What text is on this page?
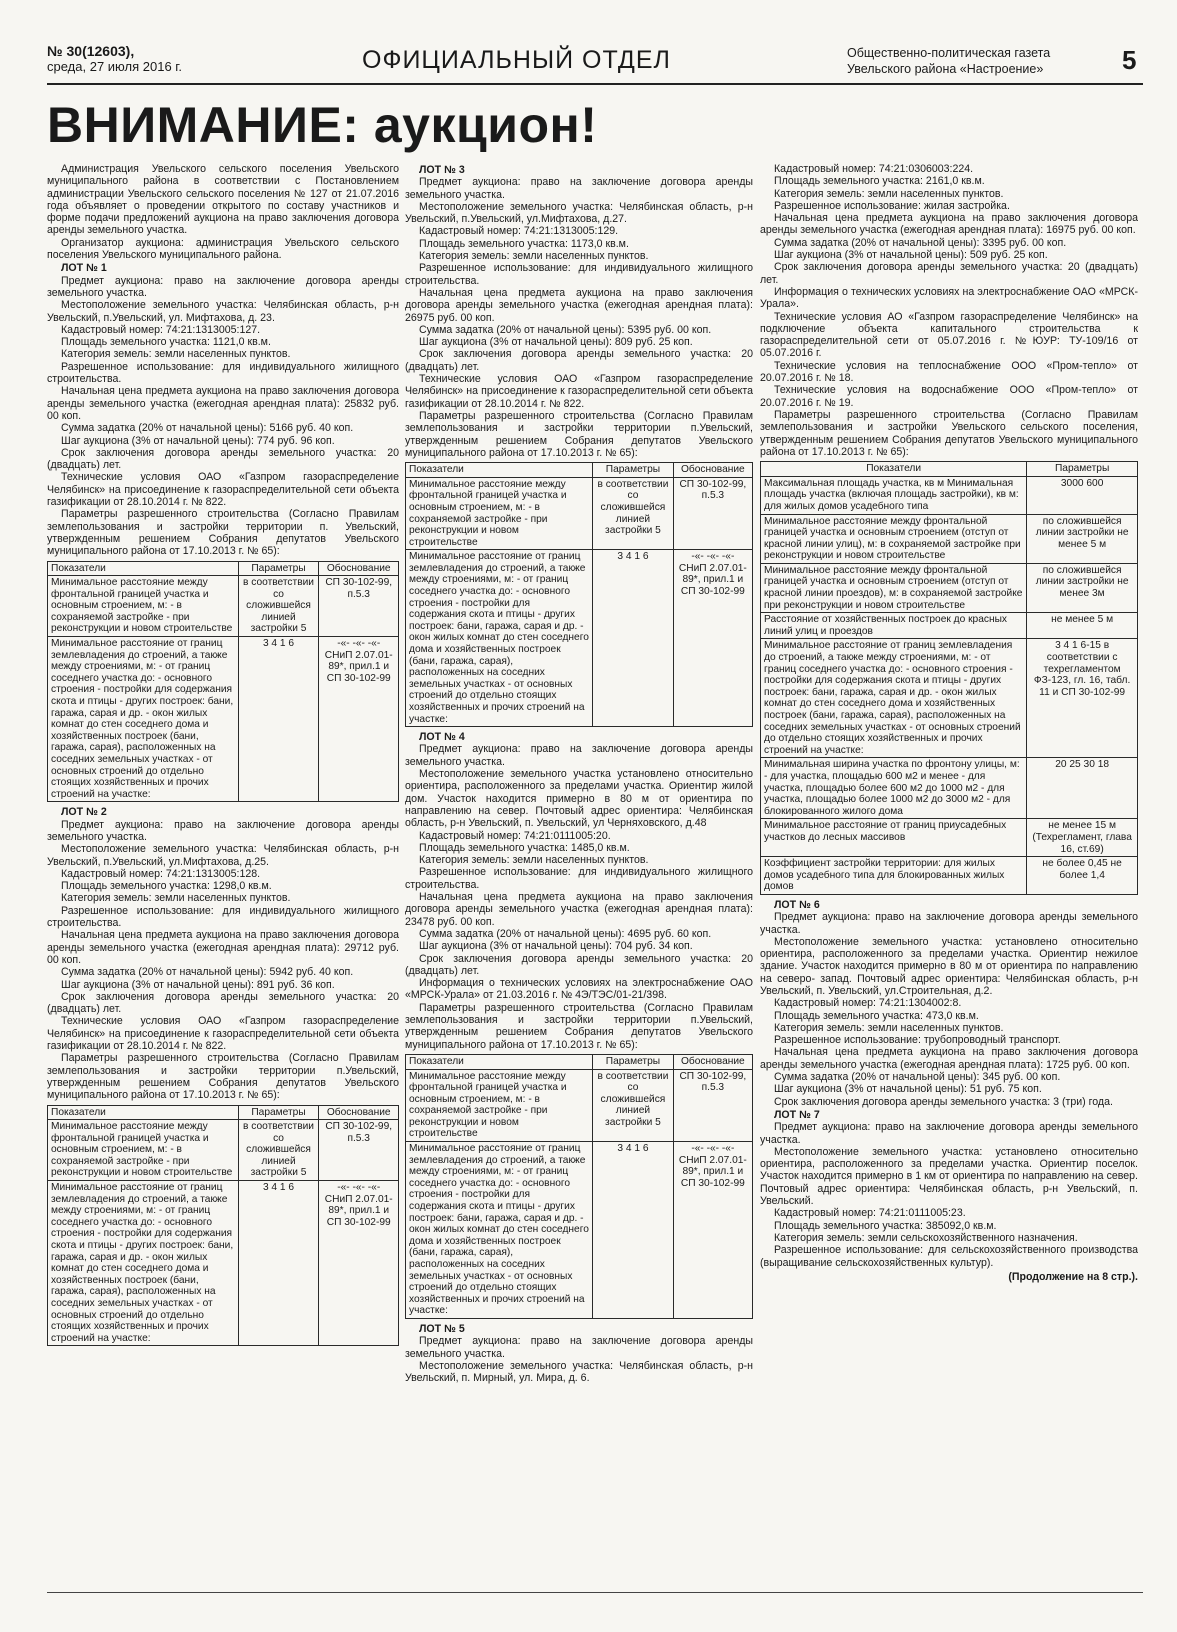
№ 30(12603),
среда, 27 июля 2016 г.	ОФИЦИАЛЬНЫЙ ОТДЕЛ	Общественно-политическая газета
Увельского района «Настроение»	5
ВНИМАНИЕ: аукцион!

Администрация Увельского сельского поселения Увельского муниципального района в соответствии с Постановлением администрации Увельского сельского поселения № 127 от 21.07.2016 года объявляет о проведении открытого по составу участников и форме подачи предложений аукциона на право заключения договора аренды земельного участка.

Организатор аукциона: администрация Увельского сельского поселения Увельского муниципального района.

ЛОТ № 1

Предмет аукциона: право на заключение договора аренды земельного участка.

Местоположение земельного участка: Челябинская область, р-н Увельский, п.Увельский, ул. Мифтахова, д. 23.

Кадастровый номер: 74:21:1313005:127.

Площадь земельного участка: 1121,0 кв.м.

Категория земель: земли населенных пунктов.

Разрешенное использование: для индивидуального жилищного строительства.

Начальная цена предмета аукциона на право заключения договора аренды земельного участка (ежегодная арендная плата): 25832 руб. 00 коп.

Сумма задатка (20% от начальной цены): 5166 руб. 40 коп.

Шаг аукциона (3% от начальной цены): 774 руб. 96 коп.

Срок заключения договора аренды земельного участка: 20 (двадцать) лет.

Технические условия ОАО «Газпром газораспределение Челябинск» на присоединение к газораспределительной сети объекта газификации от 28.10.2014 г. № 822.

Параметры разрешенного строительства (Согласно Правилам землепользования и застройки территории п. Увельский, утвержденным решением Собрания депутатов Увельского муниципального района от 17.10.2013 г. № 65):

Показатели	Параметры	Обоснование
Минимальное расстояние между фронтальной границей участка и основным строением, м: - в сохраняемой застройке - при реконструкции и новом строительстве	в соответствии со сложившейся линией застройки 5	СП 30-102-99, п.5.3
Минимальное расстояние от границ землевладения до строений, а также между строениями, м: - от границ соседнего участка до: - основного строения - постройки для содержания скота и птицы - других построек: бани, гаража, сарая и др. - окон жилых комнат до стен соседнего дома и хозяйственных построек (бани, гаража, сарая), расположенных на соседних земельных участках - от основных строений до отдельно стоящих хозяйственных и прочих строений на участке:	3 4 1 6	-«- -«- -«- СНиП 2.07.01-89*, прил.1 и СП 30-102-99

ЛОТ № 2

Предмет аукциона: право на заключение договора аренды земельного участка.

Местоположение земельного участка: Челябинская область, р-н Увельский, п.Увельский, ул.Мифтахова, д.25.

Кадастровый номер: 74:21:1313005:128.

Площадь земельного участка: 1298,0 кв.м.

Категория земель: земли населенных пунктов.

Разрешенное использование: для индивидуального жилищного строительства.

Начальная цена предмета аукциона на право заключения договора аренды земельного участка (ежегодная арендная плата): 29712 руб. 00 коп.

Сумма задатка (20% от начальной цены): 5942 руб. 40 коп.

Шаг аукциона (3% от начальной цены): 891 руб. 36 коп.

Срок заключения договора аренды земельного участка: 20 (двадцать) лет.

Технические условия ОАО «Газпром газораспределение Челябинск» на присоединение к газораспределительной сети объекта газификации от 28.10.2014 г. № 822.

Параметры разрешенного строительства (Согласно Правилам землепользования и застройки территории п.Увельский, утвержденным решением Собрания депутатов Увельского муниципального района от 17.10.2013 г. № 65):

Показатели	Параметры	Обоснование
Минимальное расстояние между фронтальной границей участка и основным строением, м: - в сохраняемой застройке - при реконструкции и новом строительстве	в соответствии со сложившейся линией застройки 5	СП 30-102-99, п.5.3
Минимальное расстояние от границ землевладения до строений, а также между строениями, м: - от границ соседнего участка до: - основного строения - постройки для содержания скота и птицы - других построек: бани, гаража, сарая и др. - окон жилых комнат до стен соседнего дома и хозяйственных построек (бани, гаража, сарая), расположенных на соседних земельных участках - от основных строений до отдельно стоящих хозяйственных и прочих строений на участке:	3 4 1 6	-«- -«- -«- СНиП 2.07.01-89*, прил.1 и СП 30-102-99

ЛОТ № 3

Предмет аукциона: право на заключение договора аренды земельного участка.

Местоположение земельного участка: Челябинская область, р-н Увельский, п.Увельский, ул.Мифтахова, д.27.

Кадастровый номер: 74:21:1313005:129.

Площадь земельного участка: 1173,0 кв.м.

Категория земель: земли населенных пунктов.

Разрешенное использование: для индивидуального жилищного строительства.

Начальная цена предмета аукциона на право заключения договора аренды земельного участка (ежегодная арендная плата): 26975 руб. 00 коп.

Сумма задатка (20% от начальной цены): 5395 руб. 00 коп.

Шаг аукциона (3% от начальной цены): 809 руб. 25 коп.

Срок заключения договора аренды земельного участка: 20 (двадцать) лет.

Технические условия ОАО «Газпром газораспределение Челябинск» на присоединение к газораспределительной сети объекта газификации от 28.10.2014 г. № 822.

Параметры разрешенного строительства (Согласно Правилам землепользования и застройки территории п.Увельский, утвержденным решением Собрания депутатов Увельского муниципального района от 17.10.2013 г. № 65):

Показатели	Параметры	Обоснование
Минимальное расстояние между фронтальной границей участка и основным строением, м: - в сохраняемой застройке - при реконструкции и новом строительстве	в соответствии со сложившейся линией застройки 5	СП 30-102-99, п.5.3
Минимальное расстояние от границ землевладения до строений, а также между строениями, м: - от границ соседнего участка до: - основного строения - постройки для содержания скота и птицы - других построек: бани, гаража, сарая и др. - окон жилых комнат до стен соседнего дома и хозяйственных построек (бани, гаража, сарая), расположенных на соседних земельных участках - от основных строений до отдельно стоящих хозяйственных и прочих строений на участке:	3 4 1 6	-«- -«- -«- СНиП 2.07.01-89*, прил.1 и СП 30-102-99

ЛОТ № 4

Предмет аукциона: право на заключение договора аренды земельного участка.

Местоположение земельного участка установлено относительно ориентира, расположенного за пределами участка. Ориентир жилой дом. Участок находится примерно в 80 м от ориентира по направлению на север. Почтовый адрес ориентира: Челябинская область, р-н Увельский, п. Увельский, ул Черняховского, д.48

Кадастровый номер: 74:21:0111005:20.

Площадь земельного участка: 1485,0 кв.м.

Категория земель: земли населенных пунктов.

Разрешенное использование: для индивидуального жилищного строительства.

Начальная цена предмета аукциона на право заключения договора аренды земельного участка (ежегодная арендная плата): 23478 руб. 00 коп.

Сумма задатка (20% от начальной цены): 4695 руб. 60 коп.

Шаг аукциона (3% от начальной цены): 704 руб. 34 коп.

Срок заключения договора аренды земельного участка: 20 (двадцать) лет.

Информация о технических условиях на электроснабжение ОАО «МРСК-Урала» от 21.03.2016 г. № 4Э/ТЭС/01-21/398.

Параметры разрешенного строительства (Согласно Правилам землепользования и застройки территории п.Увельский, утвержденным решением Собрания депутатов Увельского муниципального района от 17.10.2013 г. № 65):

Показатели	Параметры	Обоснование
Минимальное расстояние между фронтальной границей участка и основным строением, м: - в сохраняемой застройке - при реконструкции и новом строительстве	в соответствии со сложившейся линией застройки 5	СП 30-102-99, п.5.3
Минимальное расстояние от границ землевладения до строений, а также между строениями, м: - от границ соседнего участка до: - основного строения - постройки для содержания скота и птицы - других построек: бани, гаража, сарая и др. - окон жилых комнат до стен соседнего дома и хозяйственных построек (бани, гаража, сарая), расположенных на соседних земельных участках - от основных строений до отдельно стоящих хозяйственных и прочих строений на участке:	3 4 1 6	-«- -«- -«- СНиП 2.07.01-89*, прил.1 и СП 30-102-99

ЛОТ № 5

Предмет аукциона: право на заключение договора аренды земельного участка.

Местоположение земельного участка: Челябинская область, р-н Увельский, п. Мирный, ул. Мира, д. 6.

Кадастровый номер: 74:21:0306003:224.

Площадь земельного участка: 2161,0 кв.м.

Категория земель: земли населенных пунктов.

Разрешенное использование: жилая застройка.

Начальная цена предмета аукциона на право заключения договора аренды земельного участка (ежегодная арендная плата): 16975 руб. 00 коп.

Сумма задатка (20% от начальной цены): 3395 руб. 00 коп.

Шаг аукциона (3% от начальной цены): 509 руб. 25 коп.

Срок заключения договора аренды земельного участка: 20 (двадцать) лет.

Информация о технических условиях на электроснабжение ОАО «МРСК-Урала».

Технические условия АО «Газпром газораспределение Челябинск» на подключение объекта капитального строительства к газораспределительной сети от 05.07.2016 г. №ЮУР: ТУ-109/16 от 05.07.2016 г.

Технические условия на теплоснабжение ООО «Пром-тепло» от 20.07.2016 г. № 18.

Технические условия на водоснабжение ООО «Пром-тепло» от 20.07.2016 г. № 19.

Параметры разрешенного строительства (Согласно Правилам землепользования и застройки Увельского сельского поселения, утвержденным решением Собрания депутатов Увельского муниципального района от 17.10.2013 г. № 65):

Показатели	Параметры
Максимальная площадь участка, кв м Минимальная площадь участка (включая площадь застройки), кв м: для жилых домов усадебного типа	3000 600
Минимальное расстояние между фронтальной границей участка и основным строением (отступ от красной линии улиц), м: в сохраняемой застройке при реконструкции и новом строительстве	по сложившейся линии застройки не менее 5 м
Минимальное расстояние между фронтальной границей участка и основным строением (отступ от красной линии проездов), м: в сохраняемой застройке при реконструкции и новом строительстве	по сложившейся линии застройки не менее 3м
Расстояние от хозяйственных построек до красных линий улиц и проездов	не менее 5 м
Минимальное расстояние от границ землевладения до строений, а также между строениями, м: - от границ соседнего участка до: - основного строения - постройки для содержания скота и птицы - других построек: бани, гаража, сарая и др. - окон жилых комнат до стен соседнего дома и хозяйственных построек (бани, гаража, сарая), расположенных на соседних земельных участках - от основных строений до отдельно стоящих хозяйственных и прочих строений на участке:	3 4 1 6-15 в соответствии с техрегламентом ФЗ-123, гл. 16, табл. 11 и СП 30-102-99
Минимальная ширина участка по фронтону улицы, м: - для участка, площадью 600 м2 и менее - для участка, площадью более 600 м2 до 1000 м2 - для участка, площадью более 1000 м2 до 3000 м2 - для блокированного жилого дома	20 25 30 18
Минимальное расстояние от границ приусадебных участков до лесных массивов	не менее 15 м (Техрегламент, глава 16, ст.69)
Коэффициент застройки территории: для жилых домов усадебного типа для блокированных жилых домов	не более 0,45 не более 1,4

ЛОТ № 6

Предмет аукциона: право на заключение договора аренды земельного участка.

Местоположение земельного участка: установлено относительно ориентира, расположенного за пределами участка. Ориентир нежилое здание. Участок находится примерно в 80 м от ориентира по направлению на северо- запад. Почтовый адрес ориентира: Челябинская область, р-н Увельский, п. Увельский, ул.Строительная, д.2.

Кадастровый номер: 74:21:1304002:8.

Площадь земельного участка: 473,0 кв.м.

Категория земель: земли населенных пунктов.

Разрешенное использование: трубопроводный транспорт.

Начальная цена предмета аукциона на право заключения договора аренды земельного участка (ежегодная арендная плата): 1725 руб. 00 коп.

Сумма задатка (20% от начальной цены): 345 руб. 00 коп.

Шаг аукциона (3% от начальной цены): 51 руб. 75 коп.

Срок заключения договора аренды земельного участка: 3 (три) года.

ЛОТ № 7

Предмет аукциона: право на заключение договора аренды земельного участка.

Местоположение земельного участка: установлено относительно ориентира, расположенного за пределами участка. Ориентир поселок. Участок находится примерно в 1 км от ориентира по направлению на север. Почтовый адрес ориентира: Челябинская область, р-н Увельский, п. Увельский.

Кадастровый номер: 74:21:0111005:23.

Площадь земельного участка: 385092,0 кв.м.

Категория земель: земли сельскохозяйственного назначения.

Разрешенное использование: для сельскохозяйственного производства (выращивание сельскохозяйственных культур).

(Продолжение на 8 стр.).
